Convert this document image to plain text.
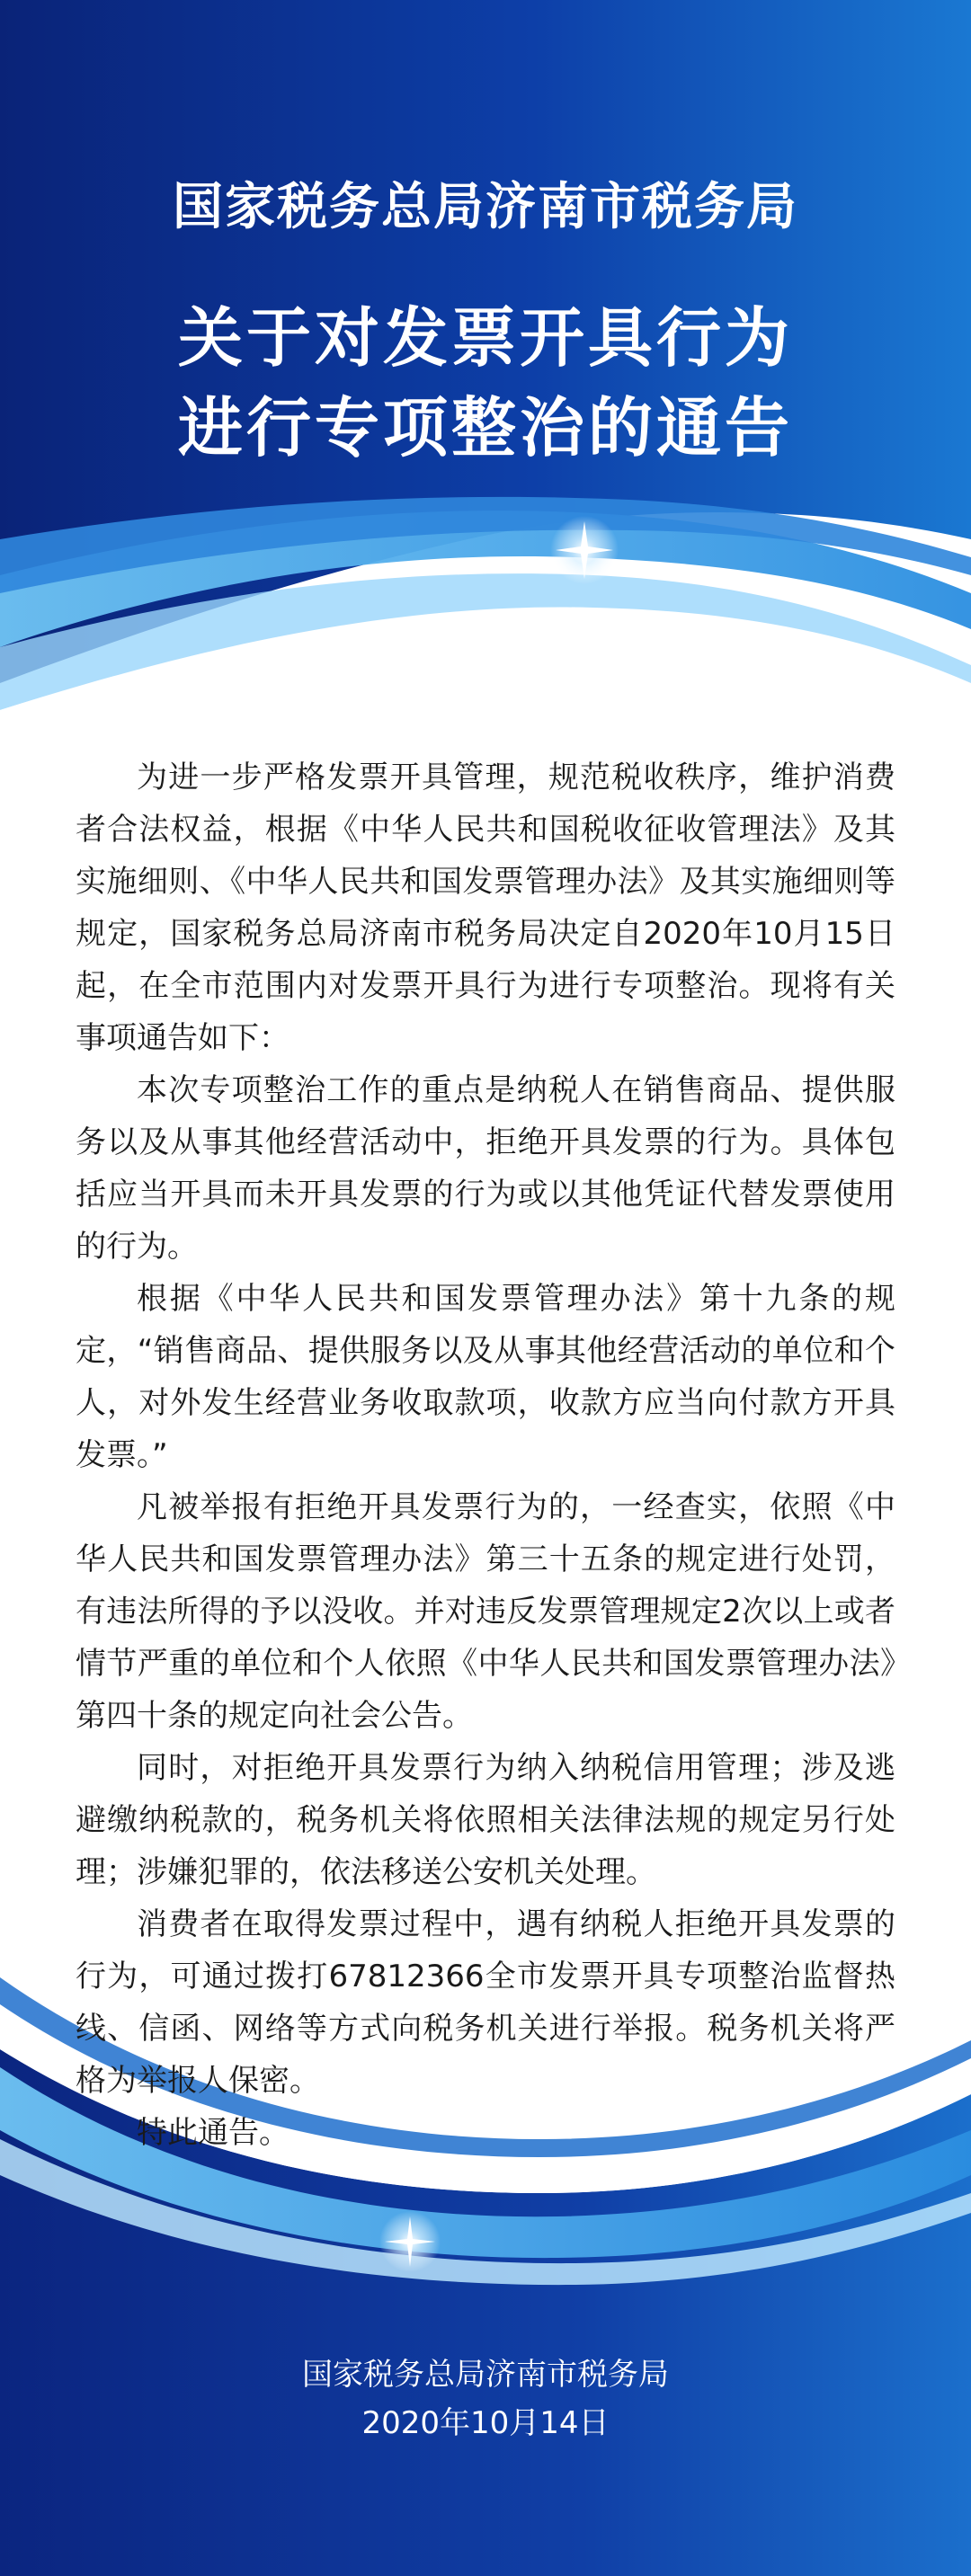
国家税务总局济南市税务局
关于对发票开具行为
进行专项整治的通告

为进一步严格发票开具管理，规范税收秩序，维护消费者合法权益，根据《中华人民共和国税收征收管理法》及其实施细则、《中华人民共和国发票管理办法》及其实施细则等规定，国家税务总局济南市税务局决定自2020年10月15日起，在全市范围内对发票开具行为进行专项整治。现将有关事项通告如下：

本次专项整治工作的重点是纳税人在销售商品、提供服务以及从事其他经营活动中，拒绝开具发票的行为。具体包括应当开具而未开具发票的行为或以其他凭证代替发票使用的行为。

根据《中华人民共和国发票管理办法》第十九条的规定，“销售商品、提供服务以及从事其他经营活动的单位和个人，对外发生经营业务收取款项，收款方应当向付款方开具发票。”

凡被举报有拒绝开具发票行为的，一经查实，依照《中华人民共和国发票管理办法》第三十五条的规定进行处罚，有违法所得的予以没收。并对违反发票管理规定2次以上或者情节严重的单位和个人依照《中华人民共和国发票管理办法》第四十条的规定向社会公告。

同时，对拒绝开具发票行为纳入纳税信用管理；涉及逃避缴纳税款的，税务机关将依照相关法律法规的规定另行处理；涉嫌犯罪的，依法移送公安机关处理。

消费者在取得发票过程中，遇有纳税人拒绝开具发票的行为，可通过拨打67812366全市发票开具专项整治监督热线、信函、网络等方式向税务机关进行举报。税务机关将严格为举报人保密。

特此通告。

国家税务总局济南市税务局
2020年10月14日
